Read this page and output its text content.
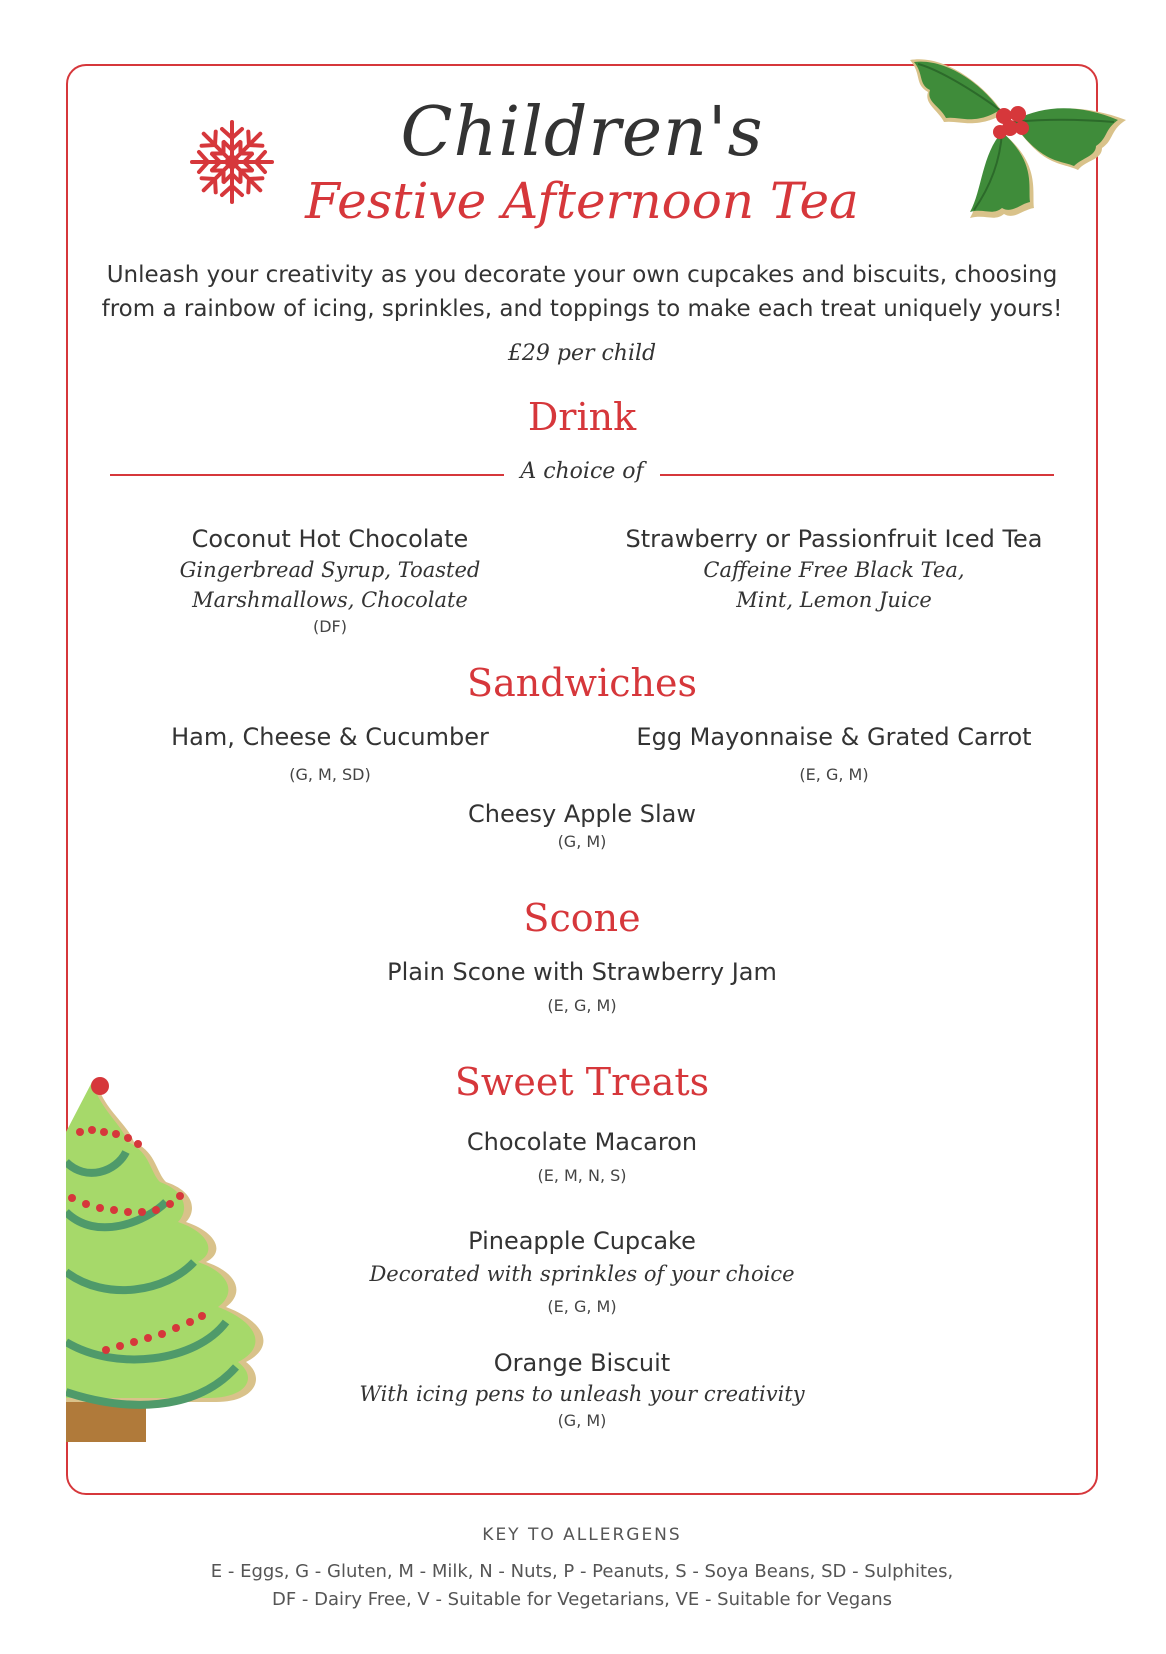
Children's
Festive Afternoon Tea
Unleash your creativity as you decorate your own cupcakes and biscuits, choosing
from a rainbow of icing, sprinkles, and toppings to make each treat uniquely yours!
£29 per child
Drink
A choice of
Coconut Hot Chocolate
Gingerbread Syrup, Toasted
Marshmallows, Chocolate
(DF)
Strawberry or Passionfruit Iced Tea
Caffeine Free Black Tea,
Mint, Lemon Juice
Sandwiches
Ham, Cheese & Cucumber
(G, M, SD)
Egg Mayonnaise & Grated Carrot
(E, G, M)
Cheesy Apple Slaw
(G, M)
Scone
Plain Scone with Strawberry Jam
(E, G, M)
Sweet Treats
Chocolate Macaron
(E, M, N, S)
Pineapple Cupcake
Decorated with sprinkles of your choice
(E, G, M)
Orange Biscuit
With icing pens to unleash your creativity
(G, M)
KEY TO ALLERGENS
E - Eggs, G - Gluten, M - Milk, N - Nuts, P - Peanuts, S - Soya Beans, SD - Sulphites,
DF - Dairy Free, V - Suitable for Vegetarians, VE - Suitable for Vegans
